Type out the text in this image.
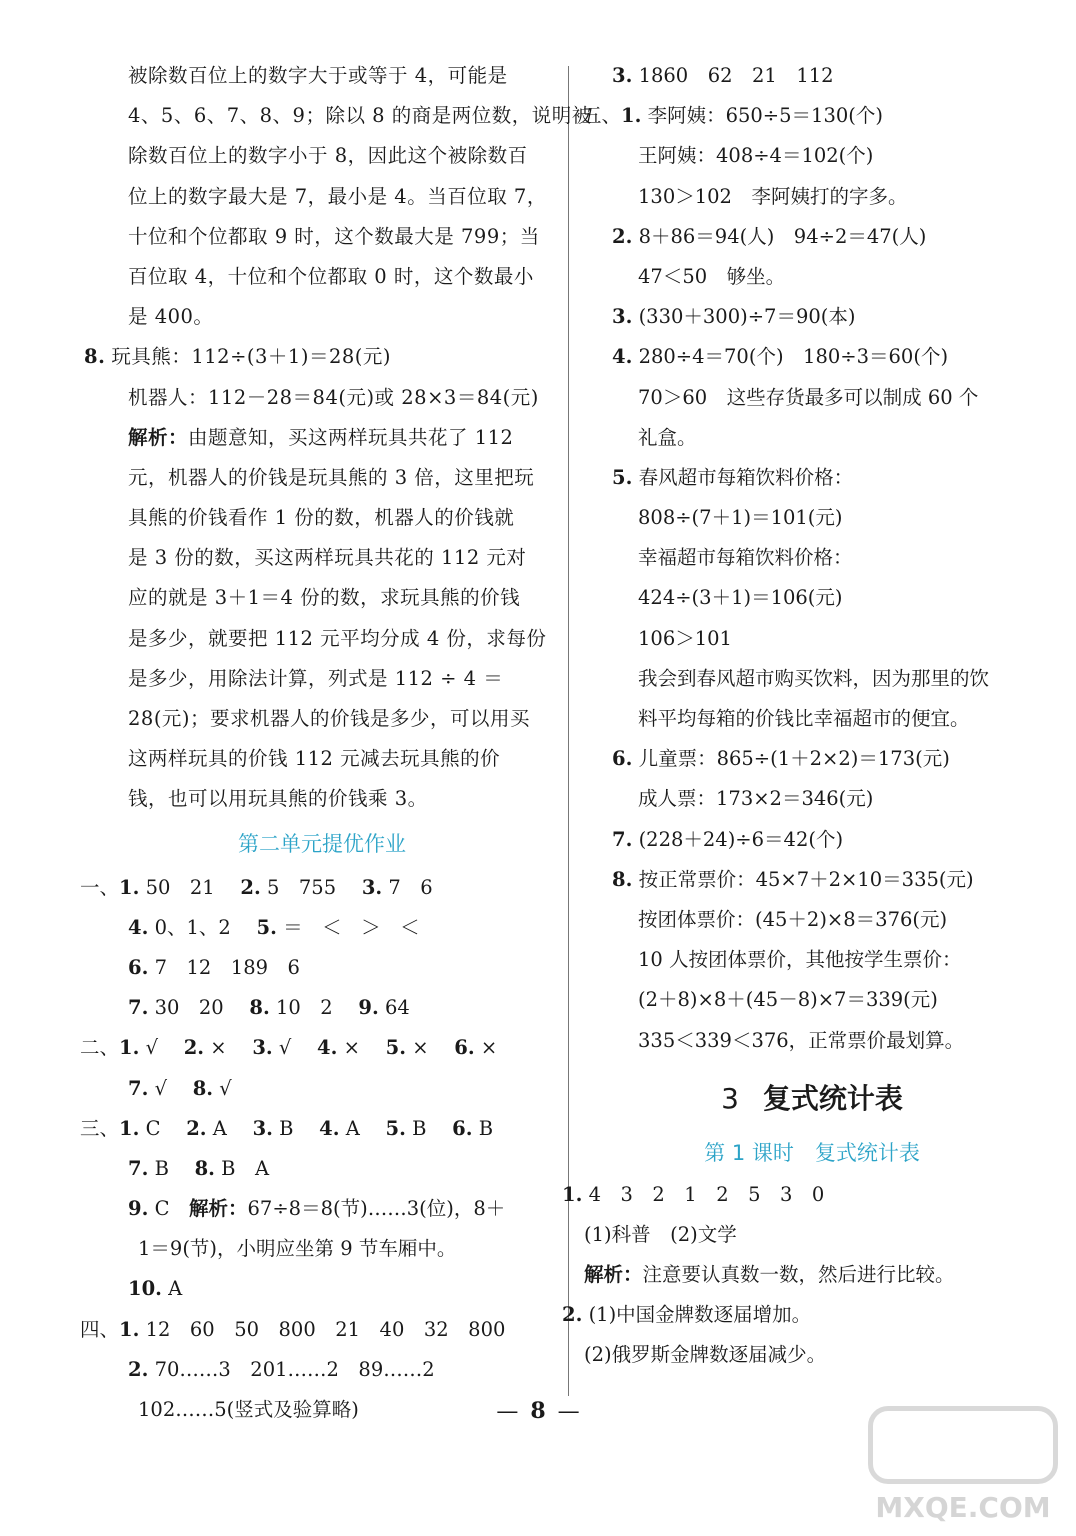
被除数百位上的数字大于或等于 4，可能是
4、5、6、7、8、9；除以 8 的商是两位数，说明被
除数百位上的数字小于 8，因此这个被除数百
位上的数字最大是 7，最小是 4。当百位取 7，
十位和个位都取 9 时，这个数最大是 799；当
百位取 4，十位和个位都取 0 时，这个数最小
是 400。
8. 玩具熊：112÷(3＋1)＝28(元)
机器人：112－28＝84(元)或 28×3＝84(元)
解析：由题意知，买这两样玩具共花了 112
元，机器人的价钱是玩具熊的 3 倍，这里把玩
具熊的价钱看作 1 份的数，机器人的价钱就
是 3 份的数，买这两样玩具共花的 112 元对
应的就是 3＋1＝4 份的数，求玩具熊的价钱
是多少，就要把 112 元平均分成 4 份，求每份
是多少，用除法计算，列式是 112 ÷ 4 ＝
28(元)；要求机器人的价钱是多少，可以用买
这两样玩具的价钱 112 元减去玩具熊的价
钱，也可以用玩具熊的价钱乘 3。
第二单元提优作业
一、1. 50　21 　 2. 5　755 　 3. 7　6
4. 0、1、2 　 5. ＝　＜　＞　＜
6. 7　12　189　6
7. 30　20 　 8. 10　2 　 9. 64
二、1. √ 　 2. × 　 3. √ 　 4. × 　 5. × 　 6. ×
7. √ 　 8. √
三、1. C 　 2. A 　 3. B 　 4. A 　 5. B 　 6. B
7. B 　 8. B　A
9. C　 解析：67÷8＝8(节)……3(位)，8＋
1＝9(节)，小明应坐第 9 节车厢中。
10. A
四、1. 12　60　50　800　21　40　32　800
2. 70……3　201……2　89……2
102……5(竖式及验算略)
3. 1860　62　21　112
五、1. 李阿姨：650÷5＝130(个)
王阿姨：408÷4＝102(个)
130＞102　李阿姨打的字多。
2. 8＋86＝94(人)　94÷2＝47(人)
47＜50　够坐。
3. (330＋300)÷7＝90(本)
4. 280÷4＝70(个)　180÷3＝60(个)
70＞60　这些存货最多可以制成 60 个
礼盒。
5. 春风超市每箱饮料价格：
808÷(7＋1)＝101(元)
幸福超市每箱饮料价格：
424÷(3＋1)＝106(元)
106＞101
我会到春风超市购买饮料，因为那里的饮
料平均每箱的价钱比幸福超市的便宜。
6. 儿童票：865÷(1＋2×2)＝173(元)
成人票：173×2＝346(元)
7. (228＋24)÷6＝42(个)
8. 按正常票价：45×7＋2×10＝335(元)
按团体票价：(45＋2)×8＝376(元)
10 人按团体票价，其他按学生票价：
(2＋8)×8＋(45－8)×7＝339(元)
335＜339＜376，正常票价最划算。
3 复式统计表
第 1 课时　复式统计表
1. 4　3　2　1　2　5　3　0
(1)科普　(2)文学
解析：注意要认真数一数，然后进行比较。
2. (1)中国金牌数逐届增加。
(2)俄罗斯金牌数逐届减少。
— 8 —
MXQE.COM
